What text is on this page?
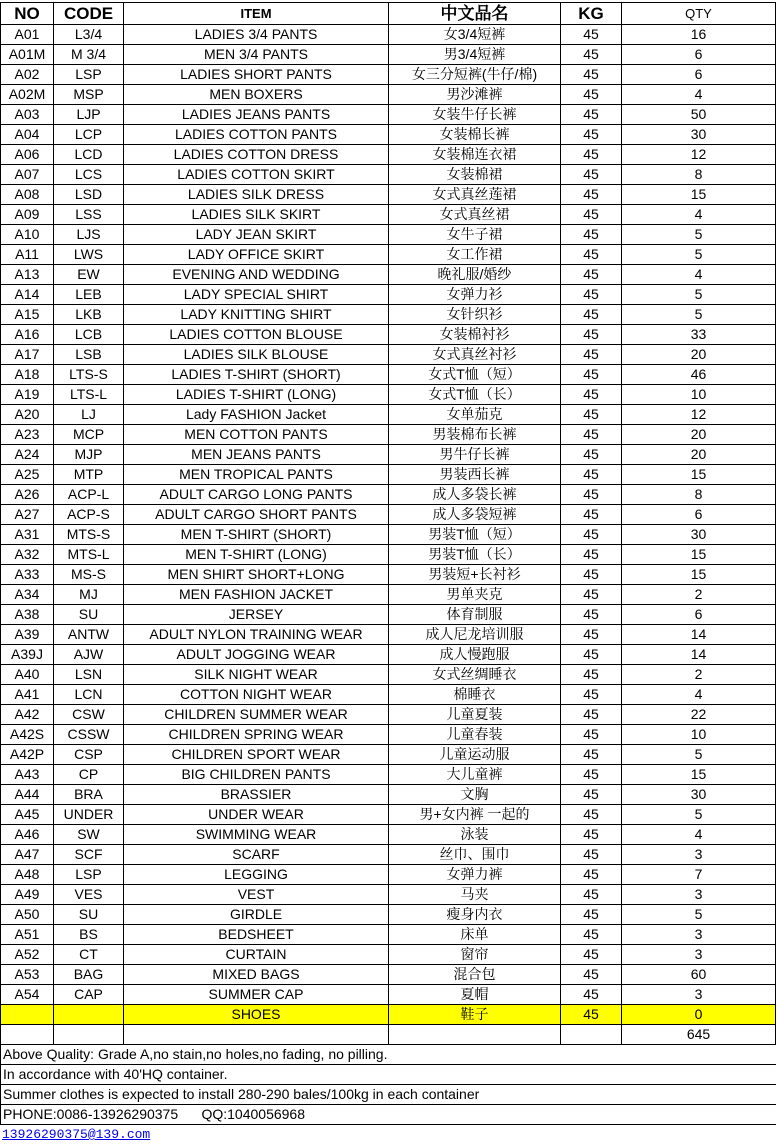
NO	CODE	ITEM	中文品名	KG	QTY
A01	L3/4	LADIES 3/4 PANTS	女3/4短裤	45	16
A01M	M 3/4	MEN 3/4 PANTS	男3/4短裤	45	6
A02	LSP	LADIES SHORT PANTS	女三分短裤(牛仔/棉)	45	6
A02M	MSP	MEN BOXERS	男沙滩裤	45	4
A03	LJP	LADIES JEANS PANTS	女装牛仔长裤	45	50
A04	LCP	LADIES COTTON PANTS	女装棉长裤	45	30
A06	LCD	LADIES COTTON DRESS	女装棉连衣裙	45	12
A07	LCS	LADIES COTTON SKIRT	女装棉裙	45	8
A08	LSD	LADIES SILK DRESS	女式真丝莲裙	45	15
A09	LSS	LADIES SILK SKIRT	女式真丝裙	45	4
A10	LJS	LADY JEAN SKIRT	女牛子裙	45	5
A11	LWS	LADY OFFICE SKIRT	女工作裙	45	5
A13	EW	EVENING AND WEDDING	晚礼服/婚纱	45	4
A14	LEB	LADY SPECIAL SHIRT	女弹力衫	45	5
A15	LKB	LADY KNITTING SHIRT	女针织衫	45	5
A16	LCB	LADIES COTTON BLOUSE	女装棉衬衫	45	33
A17	LSB	LADIES SILK BLOUSE	女式真丝衬衫	45	20
A18	LTS-S	LADIES T-SHIRT (SHORT)	女式T恤（短）	45	46
A19	LTS-L	LADIES T-SHIRT (LONG)	女式T恤（长）	45	10
A20	LJ	Lady FASHION Jacket	女单茄克	45	12
A23	MCP	MEN COTTON PANTS	男装棉布长裤	45	20
A24	MJP	MEN JEANS PANTS	男牛仔长裤	45	20
A25	MTP	MEN TROPICAL PANTS	男装西长裤	45	15
A26	ACP-L	ADULT CARGO LONG PANTS	成人多袋长裤	45	8
A27	ACP-S	ADULT CARGO SHORT PANTS	成人多袋短裤	45	6
A31	MTS-S	MEN T-SHIRT (SHORT)	男装T恤（短）	45	30
A32	MTS-L	MEN T-SHIRT (LONG)	男装T恤（长）	45	15
A33	MS-S	MEN SHIRT SHORT+LONG	男装短+长衬衫	45	15
A34	MJ	MEN FASHION JACKET	男单夹克	45	2
A38	SU	JERSEY	体育制服	45	6
A39	ANTW	ADULT NYLON TRAINING WEAR	成人尼龙培训服	45	14
A39J	AJW	ADULT JOGGING WEAR	成人慢跑服	45	14
A40	LSN	SILK NIGHT WEAR	女式丝绸睡衣	45	2
A41	LCN	COTTON NIGHT WEAR	棉睡衣	45	4
A42	CSW	CHILDREN SUMMER WEAR	儿童夏装	45	22
A42S	CSSW	CHILDREN SPRING WEAR	儿童春装	45	10
A42P	CSP	CHILDREN SPORT WEAR	儿童运动服	45	5
A43	CP	BIG CHILDREN PANTS	大儿童裤	45	15
A44	BRA	BRASSIER	文胸	45	30
A45	UNDER	UNDER WEAR	男+女内裤 一起的	45	5
A46	SW	SWIMMING WEAR	泳装	45	4
A47	SCF	SCARF	丝巾、围巾	45	3
A48	LSP	LEGGING	女弹力裤	45	7
A49	VES	VEST	马夹	45	3
A50	SU	GIRDLE	瘦身内衣	45	5
A51	BS	BEDSHEET	床单	45	3
A52	CT	CURTAIN	窗帘	45	3
A53	BAG	MIXED BAGS	混合包	45	60
A54	CAP	SUMMER CAP	夏帽	45	3
		SHOES	鞋子	45	0
					645
Above Quality: Grade A,no stain,no holes,no fading, no pilling.					
In accordance with 40'HQ container.					
Summer clothes is expected to install 280-290 bales/100kg in each container					
PHONE:0086-13926290375      QQ:1040056968					
13926290375@139.com
